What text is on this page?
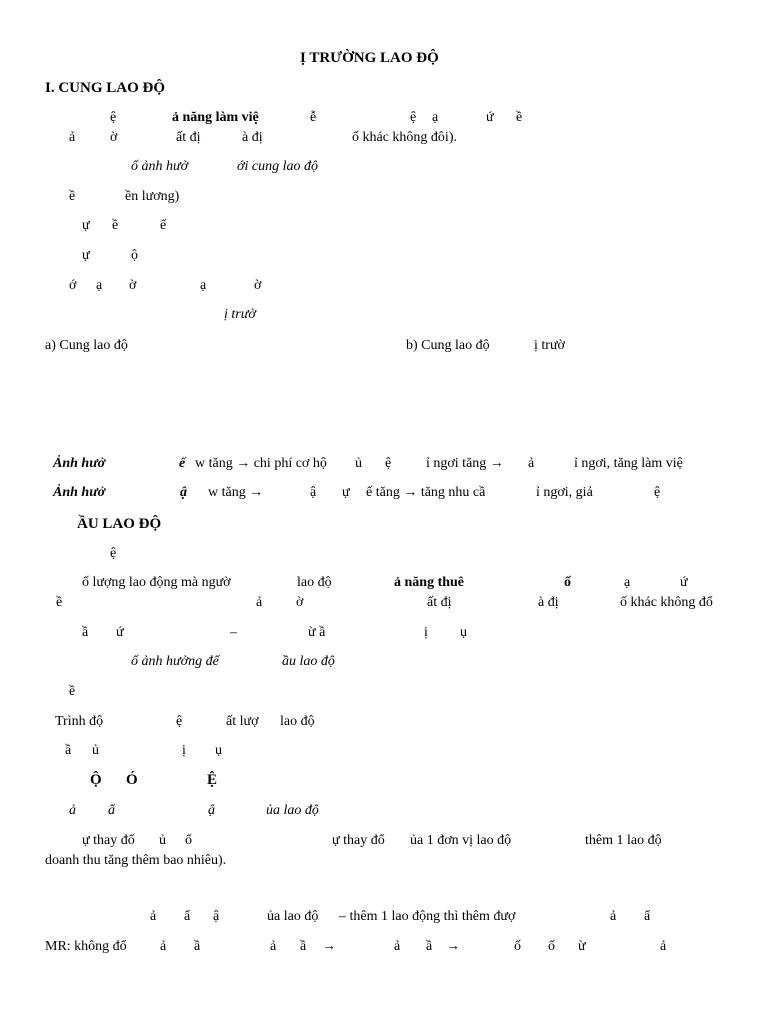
Ị TRƯỜNG LAO ĐỘ
I. CUNG LAO ĐỘ
ệ	ả năng làm việ	ễ	ệ ạ	ứ ề
ả ờ	ất đị	à đị	ố khác không đôi).
ố ảnh hưở	ới cung lao độ
ề	ền lương)
ự ề	ế
ự	ộ
ớ ạ ờ	ạ	ờ
ị trườ
a) Cung lao độ	b) Cung lao độ	ị trườ
Ảnh hưở	ế w tăng → chi phí cơ hộ ủ ệ ỉ ngơi tăng → ả	ỉ ngơi, tăng làm việ
Ảnh hưở	ậ w tăng →	ậ ự ế tăng → tăng nhu cầ	ỉ ngơi, giả	ệ
ẦU LAO ĐỘ
ệ
ố lượng lao động mà ngườ	lao độ	ả năng thuê	ố	ạ	ứ
ề	ả ờ	ất đị	à đị	ố khác không đổ
ầ ứ	–	ừ ầ	ị ụ
ố ảnh hưởng để	ầu lao độ
ề
Trình độ	ệ	ất lượ lao độ
ầ ủ	ị ụ
Ộ Ó	Ệ
ả ẩ	ậ	ủa lao độ
ự thay đổ ủ ổ	ự thay đổ ủa 1 đơn vị lao độ	thêm 1 lao độ
doanh thu tăng thêm bao nhiêu).
ả ẩ ậ	ủa lao độ – thêm 1 lao động thì thêm đượ	ả ẩ
MR: không đổ ả ầ	ả ầ →	ả ầ →	ố ố ừ	ả
